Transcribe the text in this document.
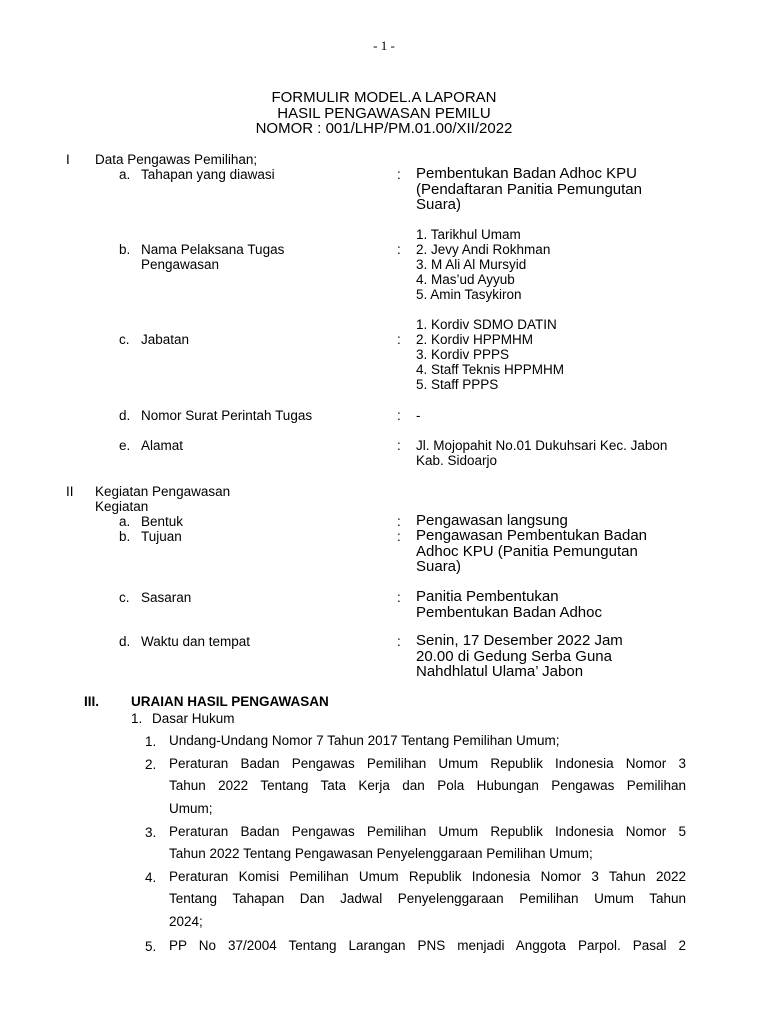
- 1 -
FORMULIR MODEL.A LAPORAN
HASIL PENGAWASAN PEMILU
NOMOR : 001/LHP/PM.01.00/XII/2022
I Data Pengawas Pemilihan;
a. Tahapan yang diawasi	: Pembentukan Badan Adhoc KPU
(Pendaftaran Panitia Pemungutan
Suara)
b. Nama Pelaksana Tugas
Pengawasan
:
1. Tarikhul Umam
2. Jevy Andi Rokhman
3. M Ali Al Mursyid
4. Mas’ud Ayyub
5. Amin Tasykiron
c. Jabatan	:
1. Kordiv SDMO DATIN
2. Kordiv HPPMHM
3. Kordiv PPPS
4. Staff Teknis HPPMHM
5. Staff PPPS
d. Nomor Surat Perintah Tugas	: -
e. Alamat	: Jl. Mojopahit No.01 Dukuhsari Kec. Jabon
Kab. Sidoarjo
II Kegiatan Pengawasan
Kegiatan
a. Bentuk	: Pengawasan langsung
b. Tujuan	: Pengawasan Pembentukan Badan
Adhoc KPU (Panitia Pemungutan
Suara)
c. Sasaran	: Panitia Pembentukan
Pembentukan Badan Adhoc
d. Waktu dan tempat	: Senin, 17 Desember 2022 Jam
20.00 di Gedung Serba Guna
Nahdhlatul Ulama’ Jabon
III. URAIAN HASIL PENGAWASAN
1. Dasar Hukum
1. Undang-Undang Nomor 7 Tahun 2017 Tentang Pemilihan Umum;
2. Peraturan Badan Pengawas Pemilihan Umum Republik Indonesia Nomor 3
Tahun 2022 Tentang Tata Kerja dan Pola Hubungan Pengawas Pemilihan
Umum;
3. Peraturan Badan Pengawas Pemilihan Umum Republik Indonesia Nomor 5
Tahun 2022 Tentang Pengawasan Penyelenggaraan Pemilihan Umum;
4. Peraturan Komisi Pemilihan Umum Republik Indonesia Nomor 3 Tahun 2022
Tentang Tahapan Dan Jadwal Penyelenggaraan Pemilihan Umum Tahun
2024;
5. PP No 37/2004 Tentang Larangan PNS menjadi Anggota Parpol. Pasal 2
